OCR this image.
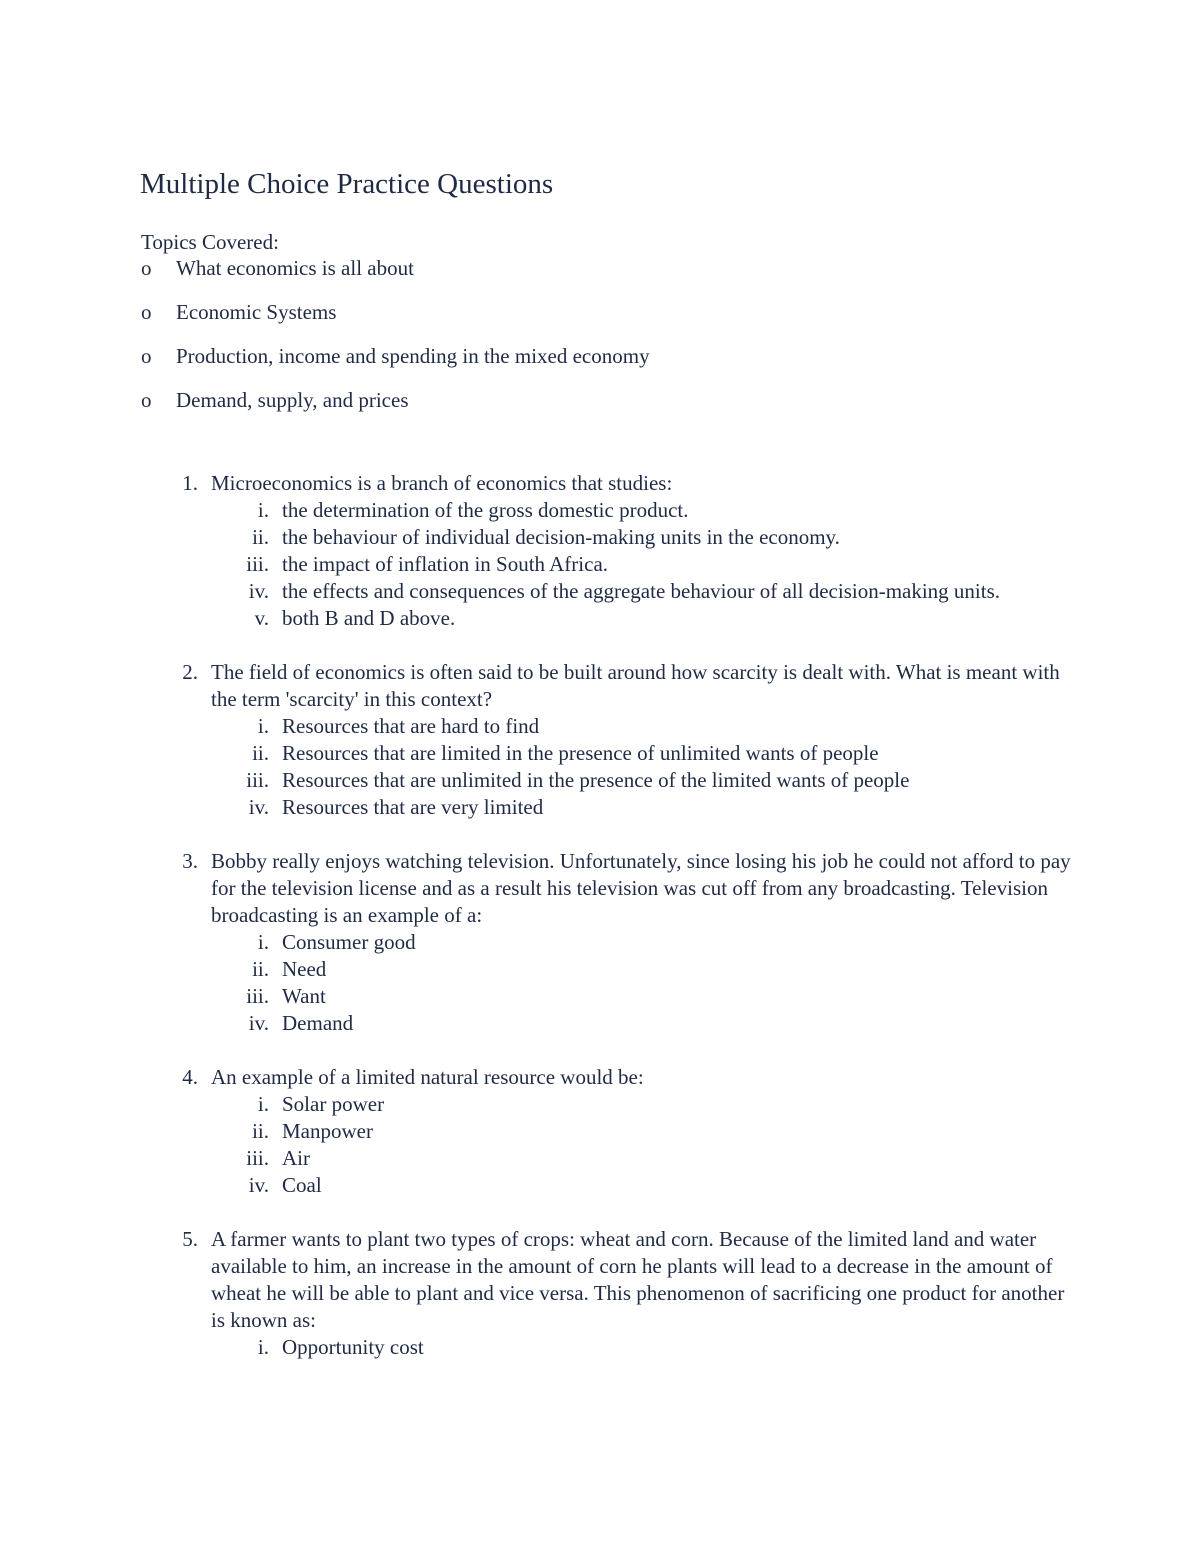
Multiple Choice Practice Questions
Topics Covered:
o What economics is all about
o Economic Systems
o Production, income and spending in the mixed economy
o Demand, supply, and prices
1. Microeconomics is a branch of economics that studies:
i. the determination of the gross domestic product.
ii. the behaviour of individual decision-making units in the economy.
iii. the impact of inflation in South Africa.
iv. the effects and consequences of the aggregate behaviour of all decision-making units.
v. both B and D above.
2. The field of economics is often said to be built around how scarcity is dealt with. What is meant with the term 'scarcity' in this context?
i. Resources that are hard to find
ii. Resources that are limited in the presence of unlimited wants of people
iii. Resources that are unlimited in the presence of the limited wants of people
iv. Resources that are very limited
3. Bobby really enjoys watching television. Unfortunately, since losing his job he could not afford to pay for the television license and as a result his television was cut off from any broadcasting. Television broadcasting is an example of a:
i. Consumer good
ii. Need
iii. Want
iv. Demand
4. An example of a limited natural resource would be:
i. Solar power
ii. Manpower
iii. Air
iv. Coal
5. A farmer wants to plant two types of crops: wheat and corn. Because of the limited land and water available to him, an increase in the amount of corn he plants will lead to a decrease in the amount of wheat he will be able to plant and vice versa. This phenomenon of sacrificing one product for another is known as:
i. Opportunity cost
